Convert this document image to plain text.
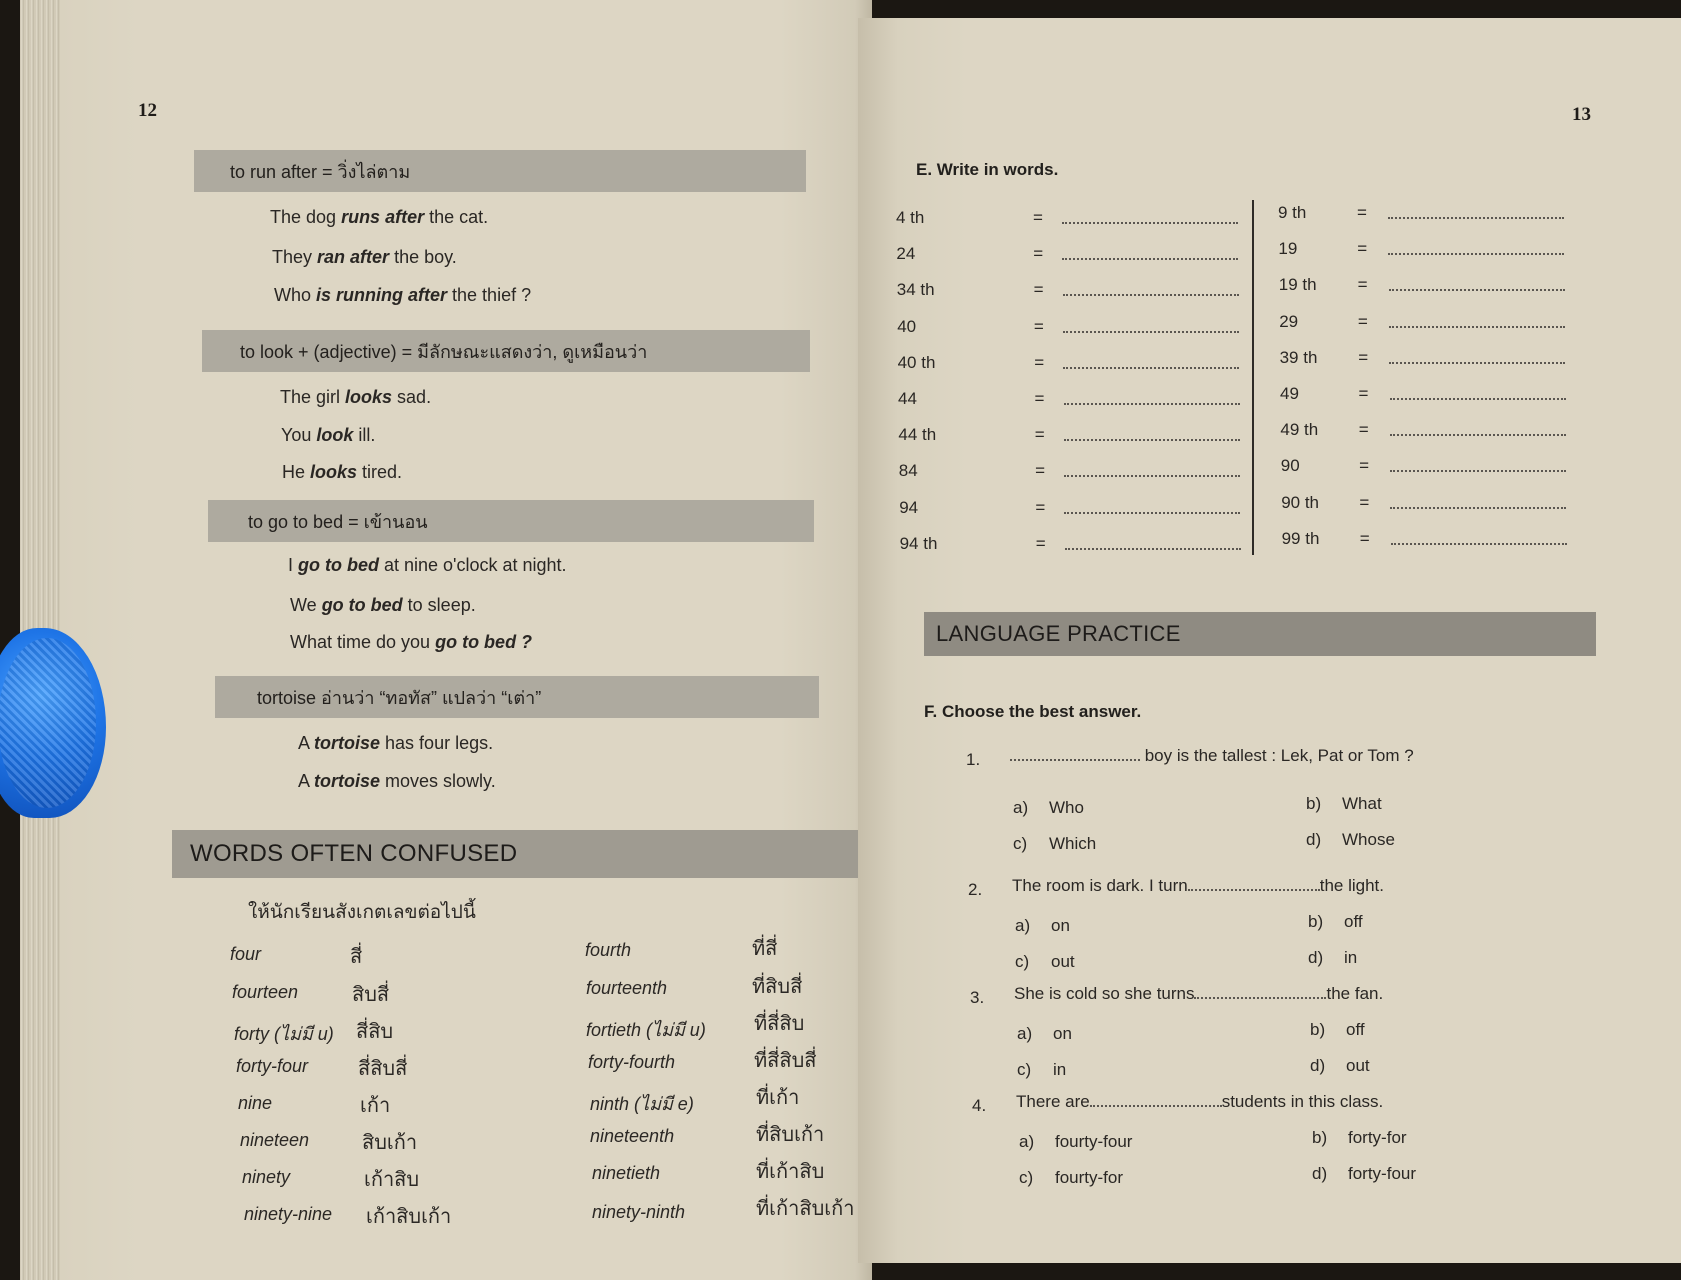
12
to run after = วิ่งไล่ตาม
The dog runs after the cat.
They ran after the boy.
Who is running after the thief ?
to look + (adjective) = มีลักษณะแสดงว่า, ดูเหมือนว่า
The girl looks sad.
You look ill.
He looks tired.
to go to bed = เข้านอน
I go to bed at nine o'clock at night.
We go to bed to sleep.
What time do you go to bed ?
tortoise อ่านว่า “ทอทัส” แปลว่า “เต่า”
A tortoise has four legs.
A tortoise moves slowly.
WORDS OFTEN CONFUSED
ให้นักเรียนสังเกตเลขต่อไปนี้
four	สี่	fourth	ที่สี่
fourteen	สิบสี่	fourteenth	ที่สิบสี่
forty (ไม่มี u) สี่สิบ	fortieth (ไม่มี u) ที่สี่สิบ
forty-four สี่สิบสี่	forty-fourth	ที่สี่สิบสี่
nine	เก้า	ninth (ไม่มี e)	ที่เก้า
nineteen	สิบเก้า	nineteenth	ที่สิบเก้า
ninety	เก้าสิบ	ninetieth	ที่เก้าสิบ
ninety-nine เก้าสิบเก้า	ninety-ninth	ที่เก้าสิบเก้า
13
E. Write in words.
4 th	=
24	=
34 th	=
40	=
40 th	=
44	=
44 th	=
84	=
94	=
94 th	=
9 th	=
19	=
19 th =
29	=
39 th =
49	=
49 th =
90	=
90 th =
99 th =
LANGUAGE PRACTICE
F. Choose the best answer.
1.	boy is the tallest : Lek, Pat or Tom ?
a) Who	b) What
c) Which	d) Whose
2. The room is dark. I turn	the light.
a) on	b) off
c) out	d) in
3. She is cold so she turns	the fan.
a) on	b) off
c) in	d) out
4. There are	students in this class.
a) fourty-four	b) forty-for
c) fourty-for	d) forty-four
